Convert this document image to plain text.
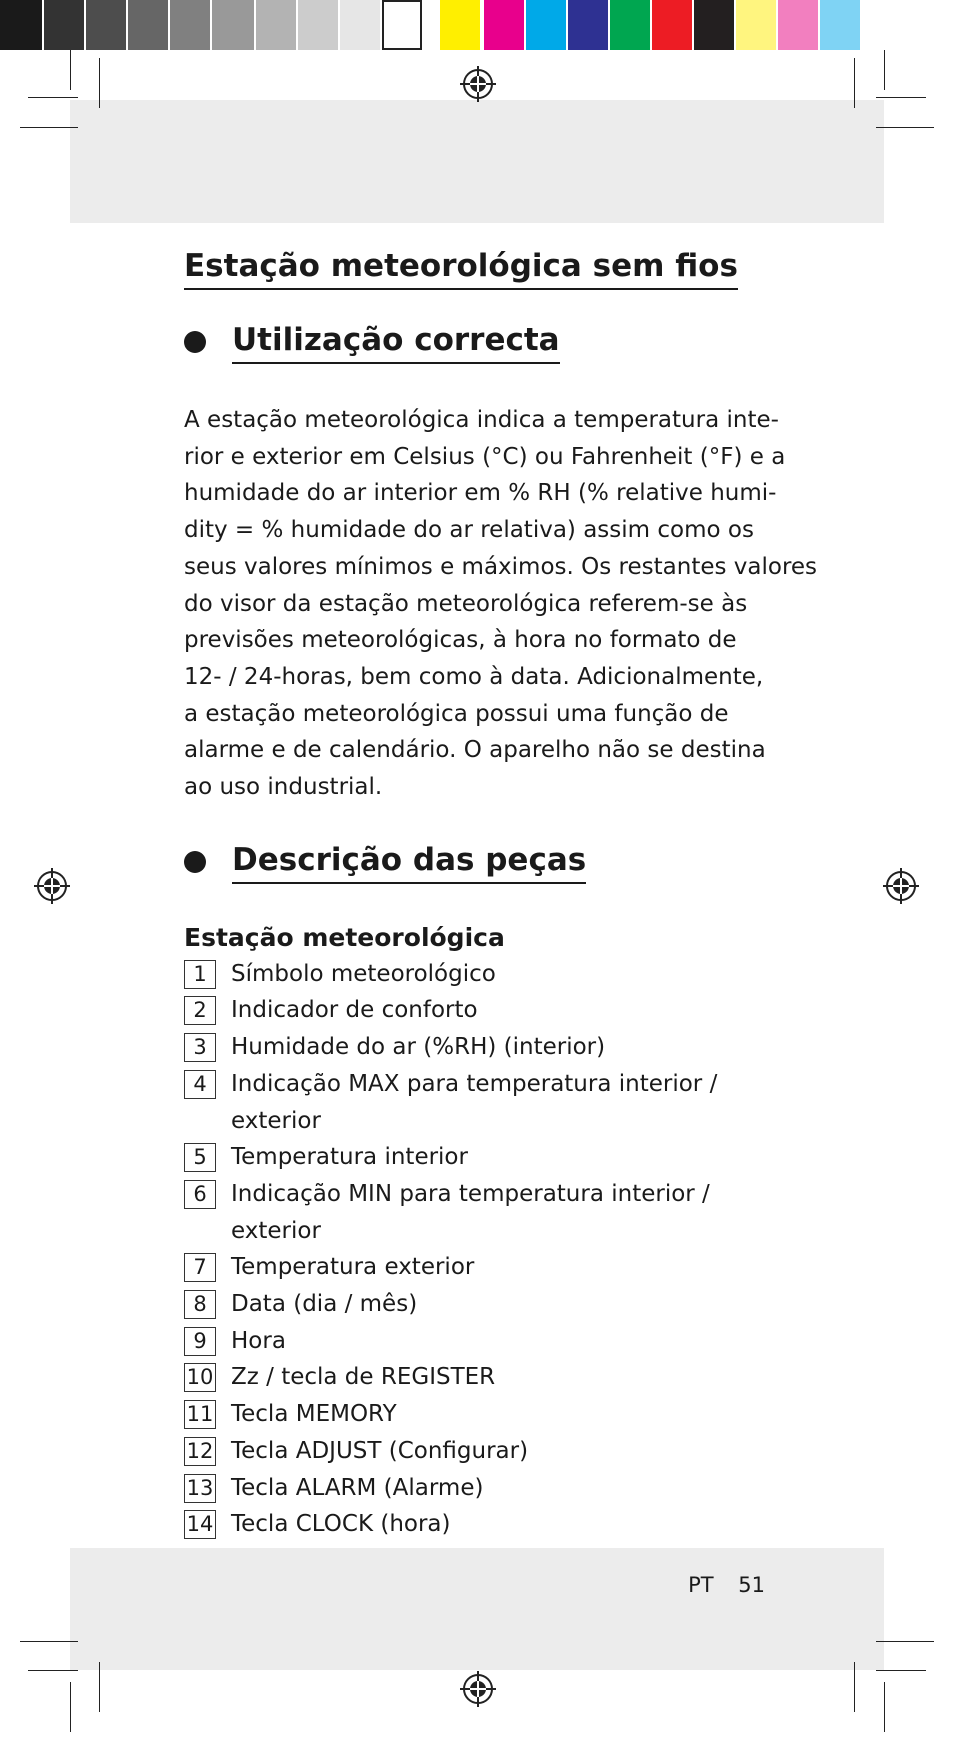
Estação meteorológica sem fios
Utilização correcta
A estação meteorológica indica a temperatura inte-
rior e exterior em Celsius (°C) ou Fahrenheit (°F) e a
humidade do ar interior em % RH (% relative humi-
dity = % humidade do ar relativa) assim como os
seus valores mínimos e máximos. Os restantes valores
do visor da estação meteorológica referem-se às
previsões meteorológicas, à hora no formato de
12- / 24-horas, bem como à data. Adicionalmente,
a estação meteorológica possui uma função de
alarme e de calendário. O aparelho não se destina
ao uso industrial.
Descrição das peças
Estação meteorológica
1	Símbolo meteorológico
2	Indicador de conforto
3	Humidade do ar (%RH) (interior)
4	Indicação MAX para temperatura interior /
exterior
5	Temperatura interior
6	Indicação MIN para temperatura interior /
exterior
7	Temperatura exterior
8	Data (dia / mês)
9	Hora
10 Zz / tecla de REGISTER
11 Tecla MEMORY
12 Tecla ADJUST (Configurar)
13 Tecla ALARM (Alarme)
14 Tecla CLOCK (hora)
PT 51
